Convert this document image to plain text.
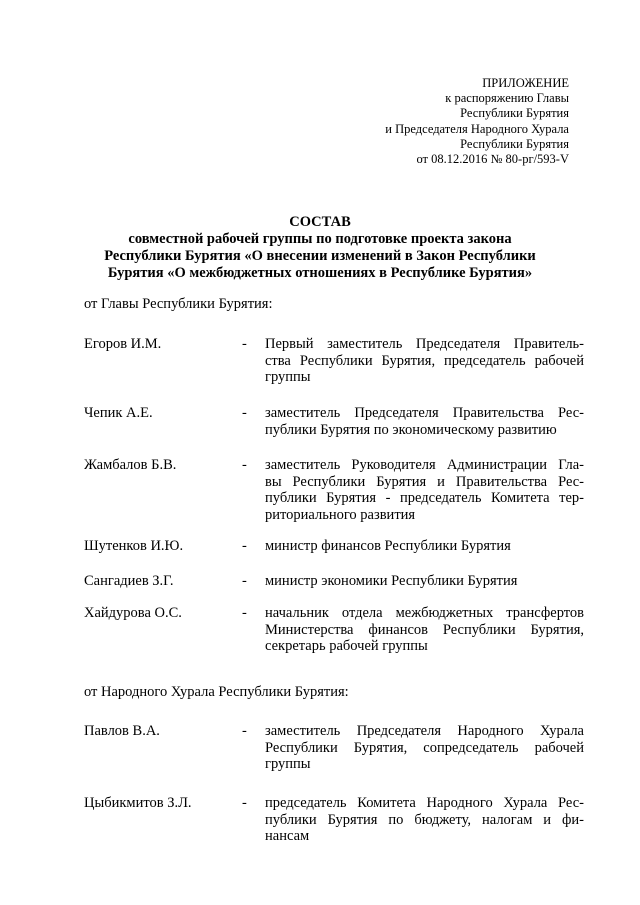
ПРИЛОЖЕНИЕ
к распоряжению Главы
Республики Бурятия
и Председателя Народного Хурала
Республики Бурятия
от 08.12.2016 № 80-рг/593-V
СОСТАВ
совместной рабочей группы по подготовке проекта закона
Республики Бурятия «О внесении изменений в Закон Республики
Бурятия «О межбюджетных отношениях в Республике Бурятия»
от Главы Республики Бурятия:
Егоров И.М.	- Первый заместитель Председателя Правитель-
ства Республики Бурятия, председатель рабочей
группы
Чепик А.Е.	- заместитель Председателя Правительства Рес-
публики Бурятия по экономическому развитию
Жамбалов Б.В.	- заместитель Руководителя Администрации Гла-
вы Республики Бурятия и Правительства Рес-
публики Бурятия - председатель Комитета тер-
риториального развития
Шутенков И.Ю.	- министр финансов Республики Бурятия
Сангадиев З.Г.	- министр экономики Республики Бурятия
Хайдурова О.С.	- начальник отдела межбюджетных трансфертов
Министерства финансов Республики Бурятия,
секретарь рабочей группы
от Народного Хурала Республики Бурятия:
Павлов В.А.	- заместитель Председателя Народного Хурала
Республики Бурятия, сопредседатель рабочей
группы
Цыбикмитов З.Л.	- председатель Комитета Народного Хурала Рес-
публики Бурятия по бюджету, налогам и фи-
нансам
